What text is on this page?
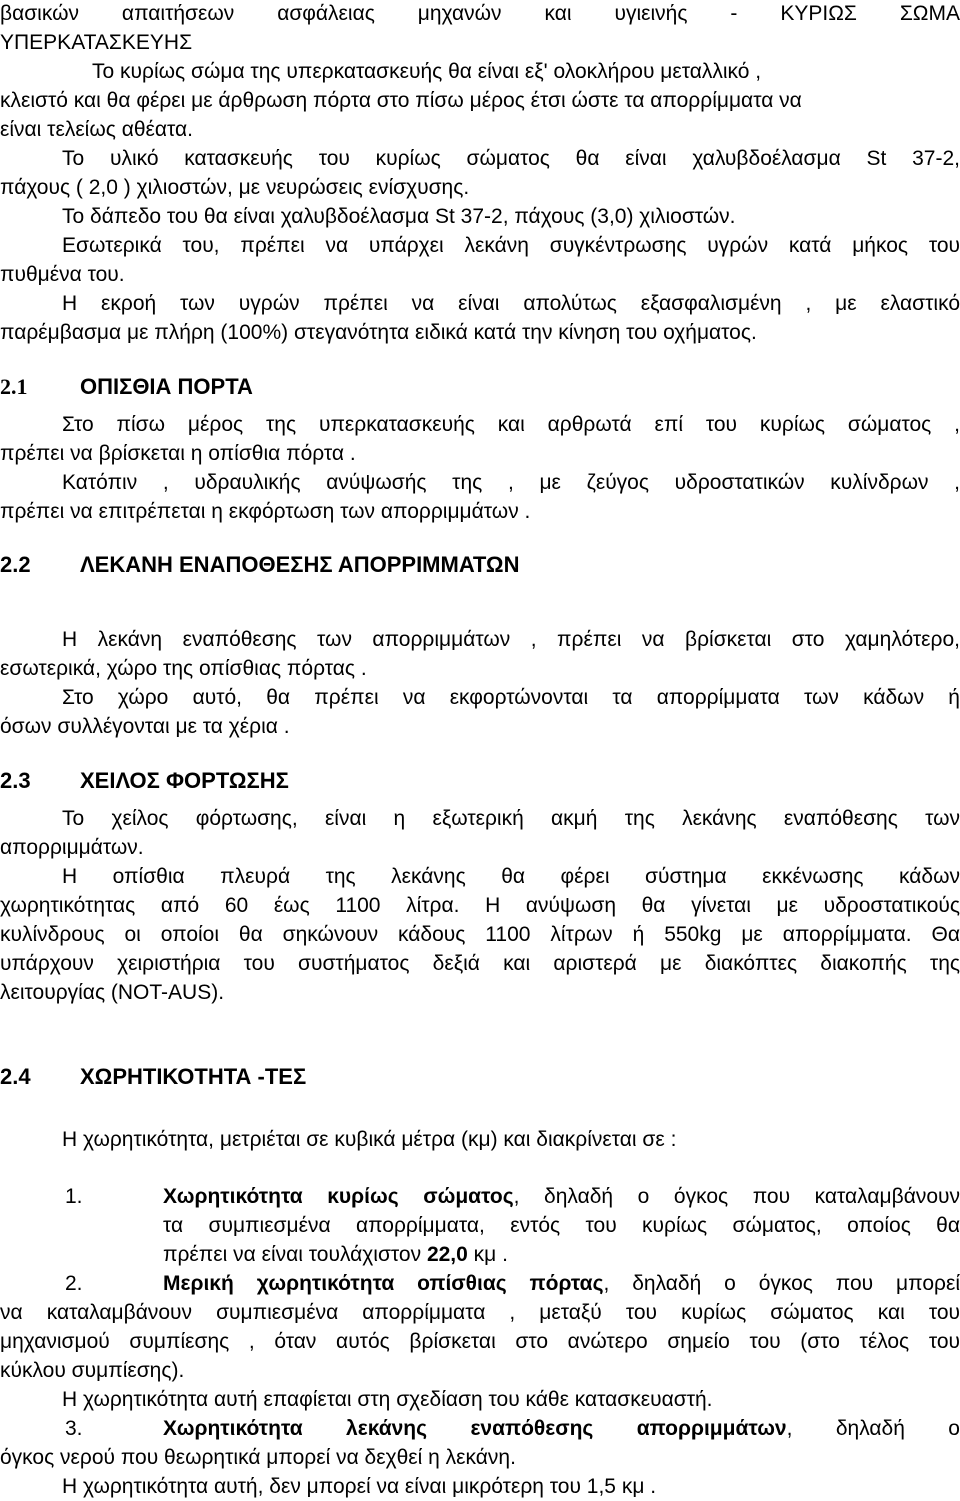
βασικών απαιτήσεων ασφάλειας μηχανών και υγιεινής - ΚΥΡΙΩΣ ΣΩΜΑ
ΥΠΕΡΚΑΤΑΣΚΕΥΗΣ
Το κυρίως σώμα της υπερκατασκευής θα είναι εξ' ολοκλήρου μεταλλικό ,
κλειστό και θα φέρει με άρθρωση πόρτα στο πίσω μέρος έτσι ώστε τα απορρίμματα να
είναι τελείως αθέατα.
Το υλικό κατασκευής του κυρίως σώματος θα είναι χαλυβδοέλασμα St 37-2,
πάχους ( 2,0 ) χιλιοστών, με νευρώσεις ενίσχυσης.
Το δάπεδο του θα είναι χαλυβδοέλασμα St 37-2, πάχους (3,0) χιλιοστών.
Εσωτερικά του, πρέπει να υπάρχει λεκάνη συγκέντρωσης υγρών κατά μήκος του
πυθμένα του.
Η εκροή των υγρών πρέπει να είναι απολύτως εξασφαλισμένη , με ελαστικό
παρέμβασμα με πλήρη (100%) στεγανότητα ειδικά κατά την κίνηση του οχήματος.
2.1 ΟΠΙΣΘΙΑ ΠΟΡΤΑ
Στο πίσω μέρος της υπερκατασκευής και αρθρωτά επί του κυρίως σώματος ,
πρέπει να βρίσκεται η οπίσθια πόρτα .
Κατόπιν , υδραυλικής ανύψωσής της , με ζεύγος υδροστατικών κυλίνδρων ,
πρέπει να επιτρέπεται η εκφόρτωση των απορριμμάτων .
2.2 ΛΕΚΑΝΗ ΕΝΑΠΟΘΕΣΗΣ ΑΠΟΡΡΙΜΜΑΤΩΝ
Η λεκάνη εναπόθεσης των απορριμμάτων , πρέπει να βρίσκεται στο χαμηλότερο,
εσωτερικά, χώρο της οπίσθιας πόρτας .
Στο χώρο αυτό, θα πρέπει να εκφορτώνονται τα απορρίμματα των κάδων ή
όσων συλλέγονται με τα χέρια .
2.3 ΧΕΙΛΟΣ ΦΟΡΤΩΣΗΣ
Το χείλος φόρτωσης, είναι η εξωτερική ακμή της λεκάνης εναπόθεσης των
απορριμμάτων.
Η οπίσθια πλευρά της λεκάνης θα φέρει σύστημα εκκένωσης κάδων
χωρητικότητας από 60 έως 1100 λίτρα. Η ανύψωση θα γίνεται με υδροστατικούς
κυλίνδρους οι οποίοι θα σηκώνουν κάδους 1100 λίτρων ή 550kg με απορρίμματα. Θα
υπάρχουν χειριστήρια του συστήματος δεξιά και αριστερά με διακόπτες διακοπής της
λειτουργίας (NOT-AUS).
2.4 ΧΩΡΗΤΙΚΟΤΗΤΑ -ΤΕΣ
Η χωρητικότητα, μετριέται σε κυβικά μέτρα (κμ) και διακρίνεται σε :
1.	Χωρητικότητα κυρίως σώματος, δηλαδή ο όγκος που καταλαμβάνουν
τα συμπιεσμένα απορρίμματα, εντός του κυρίως σώματος, οποίος θα
πρέπει να είναι τουλάχιστον 22,0 κμ .
2.	Μερική χωρητικότητα οπίσθιας πόρτας, δηλαδή ο όγκος που μπορεί
να καταλαμβάνουν συμπιεσμένα απορρίμματα , μεταξύ του κυρίως σώματος και του
μηχανισμού συμπίεσης , όταν αυτός βρίσκεται στο ανώτερο σημείο του (στο τέλος του
κύκλου συμπίεσης).
Η χωρητικότητα αυτή επαφίεται στη σχεδίαση του κάθε κατασκευαστή.
3.	Χωρητικότητα λεκάνης εναπόθεσης απορριμμάτων, δηλαδή ο
όγκος νερού που θεωρητικά μπορεί να δεχθεί η λεκάνη.
Η χωρητικότητα αυτή, δεν μπορεί να είναι μικρότερη του 1,5 κμ .
